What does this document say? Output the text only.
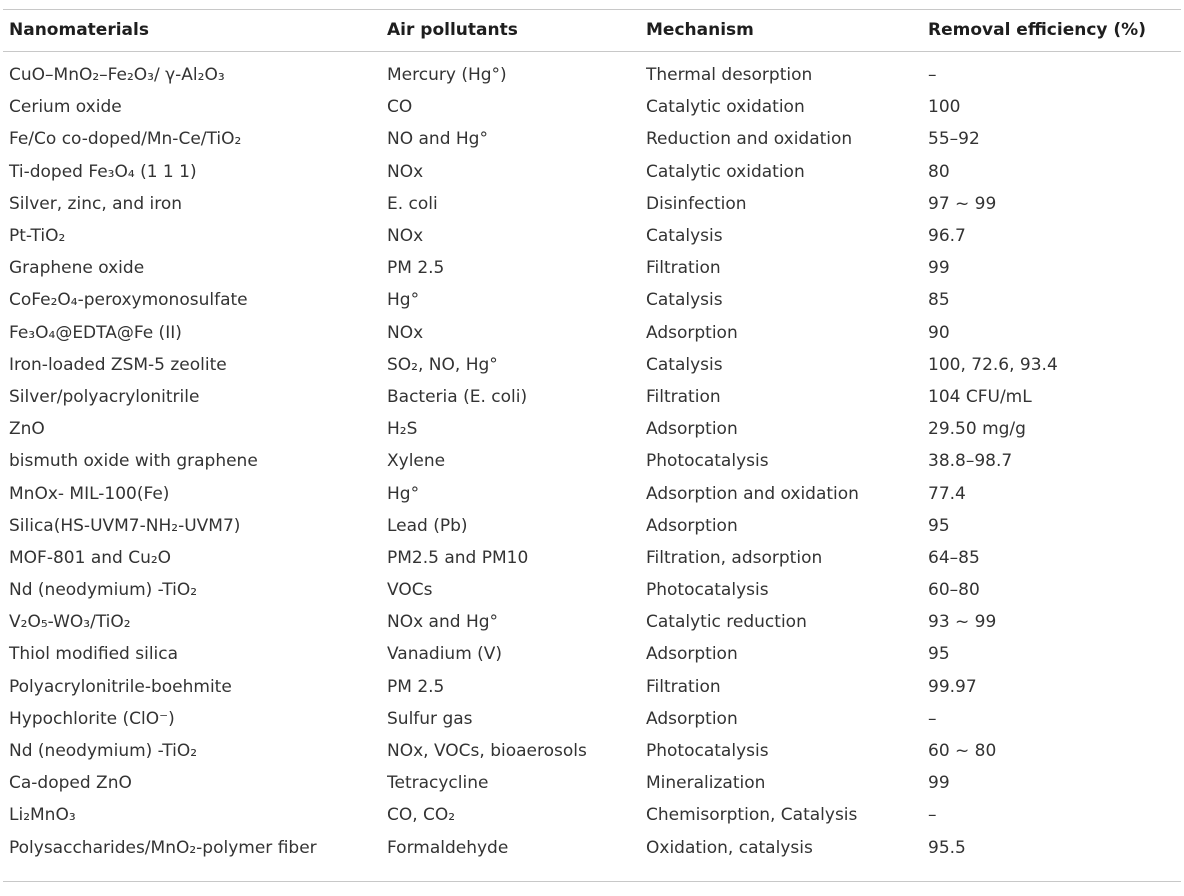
Nanomaterials	Air pollutants	Mechanism	Removal efficiency (%)

CuO–MnO₂–Fe₂O₃/ γ-Al₂O₃	Mercury (Hg°)	Thermal desorption	–
Cerium oxide	CO	Catalytic oxidation	100
Fe/Co co-doped/Mn-Ce/TiO₂	NO and Hg°	Reduction and oxidation	55–92
Ti-doped Fe₃O₄ (1 1 1)	NOx	Catalytic oxidation	80
Silver, zinc, and iron	E. coli	Disinfection	97 ~ 99
Pt-TiO₂	NOx	Catalysis	96.7
Graphene oxide	PM 2.5	Filtration	99
CoFe₂O₄-peroxymonosulfate	Hg°	Catalysis	85
Fe₃O₄@EDTA@Fe (II)	NOx	Adsorption	90
Iron-loaded ZSM-5 zeolite	SO₂, NO, Hg°	Catalysis	100, 72.6, 93.4
Silver/polyacrylonitrile	Bacteria (E. coli)	Filtration	104 CFU/mL
ZnO	H₂S	Adsorption	29.50 mg/g
bismuth oxide with graphene	Xylene	Photocatalysis	38.8–98.7
MnOx- MIL-100(Fe)	Hg°	Adsorption and oxidation	77.4
Silica(HS-UVM7-NH₂-UVM7)	Lead (Pb)	Adsorption	95
MOF-801 and Cu₂O	PM2.5 and PM10	Filtration, adsorption	64–85
Nd (neodymium) -TiO₂	VOCs	Photocatalysis	60–80
V₂O₅-WO₃/TiO₂	NOx and Hg°	Catalytic reduction	93 ~ 99
Thiol modified silica	Vanadium (V)	Adsorption	95
Polyacrylonitrile-boehmite	PM 2.5	Filtration	99.97
Hypochlorite (ClO⁻)	Sulfur gas	Adsorption	–
Nd (neodymium) -TiO₂	NOx, VOCs, bioaerosols	Photocatalysis	60 ~ 80
Ca-doped ZnO	Tetracycline	Mineralization	99
Li₂MnO₃	CO, CO₂	Chemisorption, Catalysis	–
Polysaccharides/MnO₂-polymer fiber	Formaldehyde	Oxidation, catalysis	95.5
